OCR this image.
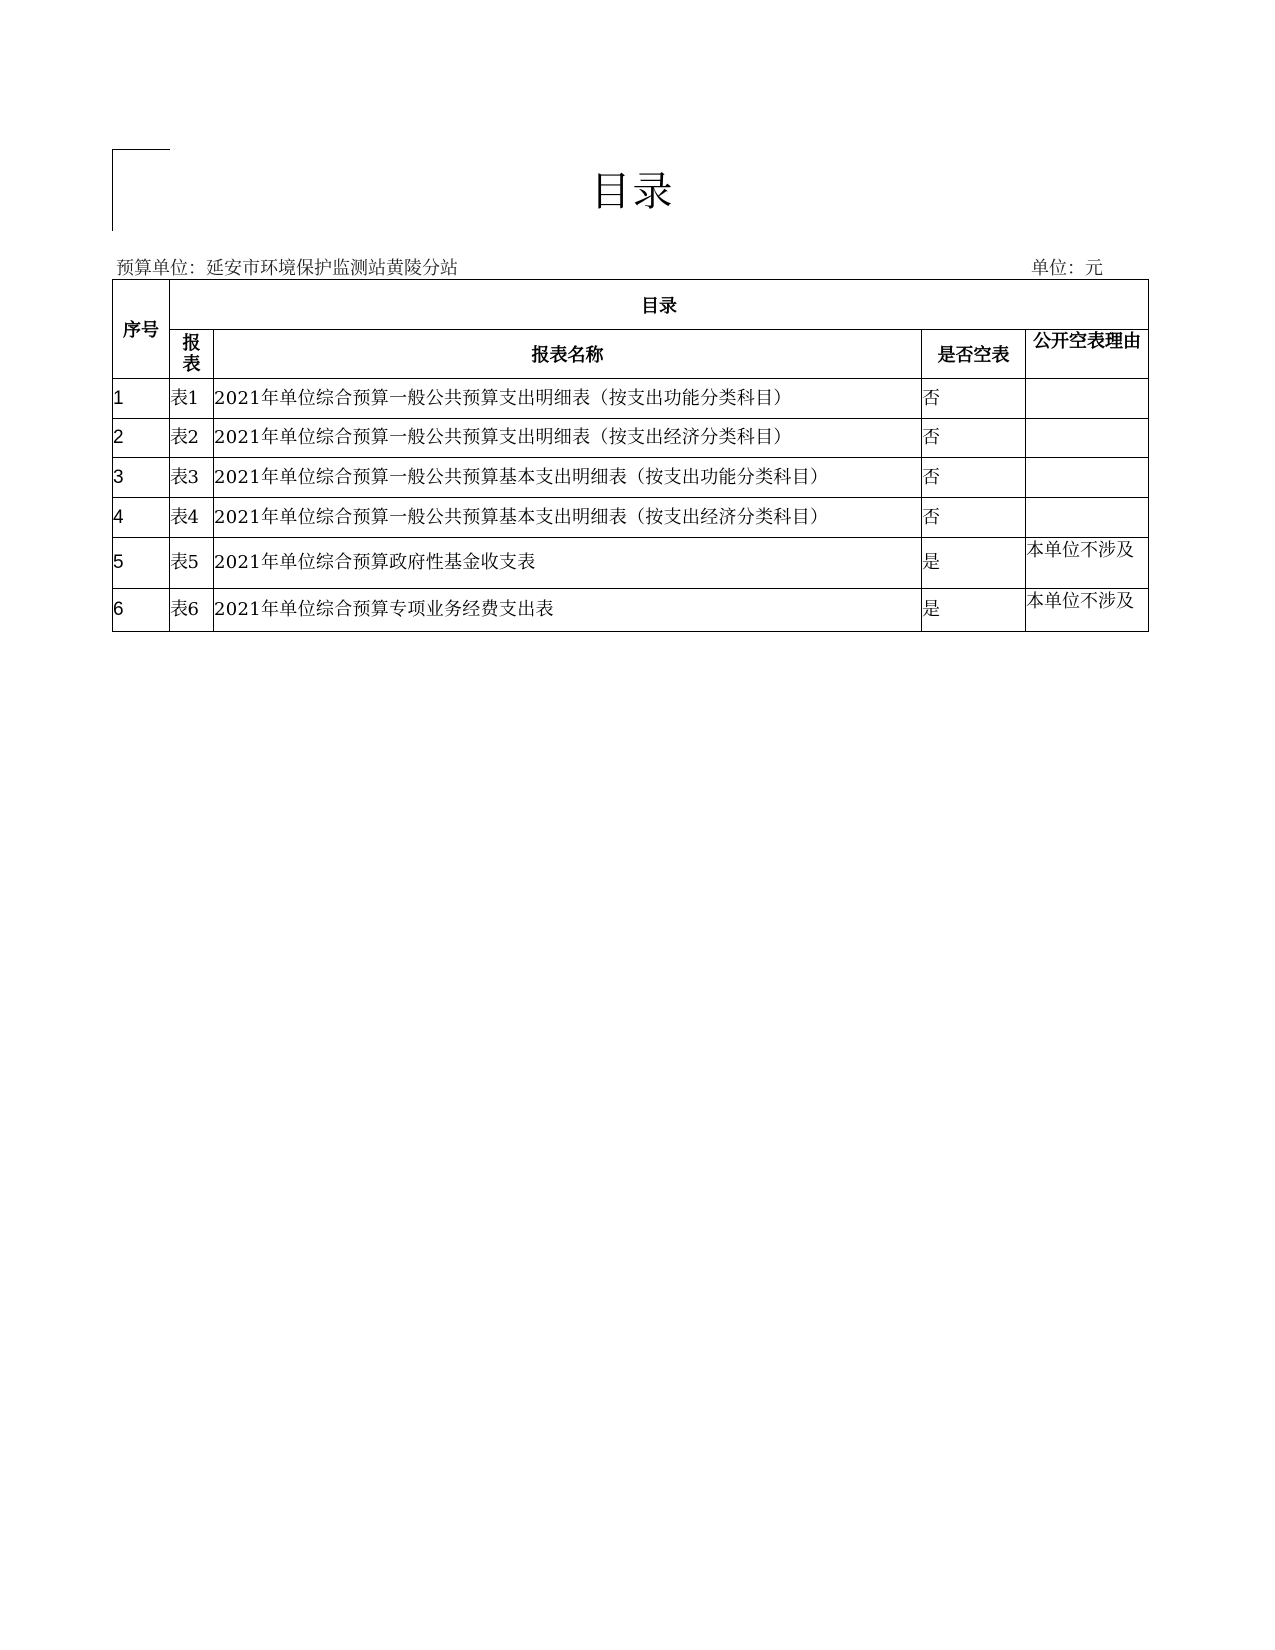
目录
预算单位：延安市环境保护监测站黄陵分站	单位：元
序号	目录			

	报表	报表名称	是否空表	公开空表理由

1	表1	2021年单位综合预算一般公共预算支出明细表（按支出功能分类科目）	否	
2	表2	2021年单位综合预算一般公共预算支出明细表（按支出经济分类科目）	否	
3	表3	2021年单位综合预算一般公共预算基本支出明细表（按支出功能分类科目）	否	
4	表4	2021年单位综合预算一般公共预算基本支出明细表（按支出经济分类科目）	否	
5	表5	2021年单位综合预算政府性基金收支表	是	本单位不涉及

6	表6	2021年单位综合预算专项业务经费支出表	是	本单位不涉及
